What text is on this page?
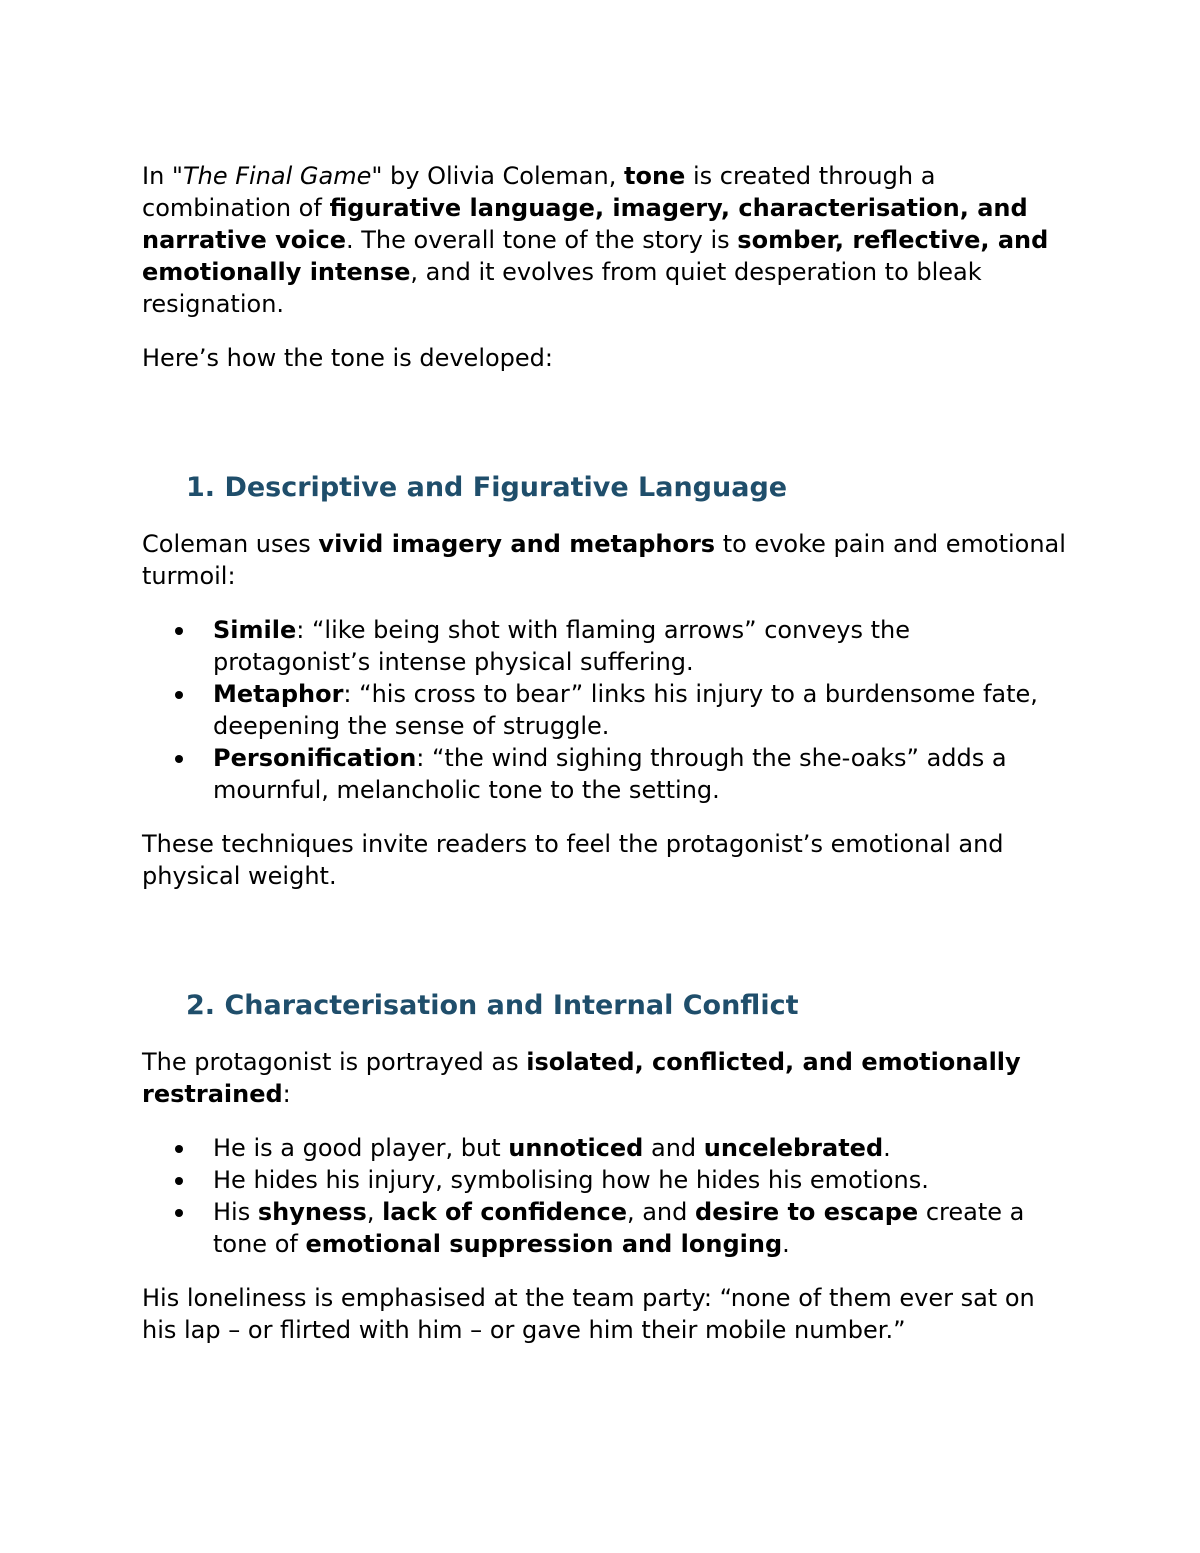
In "The Final Game" by Olivia Coleman, tone is created through a combination of figurative language, imagery, characterisation, and narrative voice. The overall tone of the story is somber, reflective, and emotionally intense, and it evolves from quiet desperation to bleak resignation.

Here’s how the tone is developed:

1. Descriptive and Figurative Language

Coleman uses vivid imagery and metaphors to evoke pain and emotional turmoil:

Simile: “like being shot with flaming arrows” conveys the protagonist’s intense physical suffering.
Metaphor: “his cross to bear” links his injury to a burdensome fate, deepening the sense of struggle.
Personification: “the wind sighing through the she-oaks” adds a mournful, melancholic tone to the setting.

These techniques invite readers to feel the protagonist’s emotional and physical weight.

2. Characterisation and Internal Conflict

The protagonist is portrayed as isolated, conflicted, and emotionally restrained:

He is a good player, but unnoticed and uncelebrated.
He hides his injury, symbolising how he hides his emotions.
His shyness, lack of confidence, and desire to escape create a tone of emotional suppression and longing.

His loneliness is emphasised at the team party: “none of them ever sat on his lap – or flirted with him – or gave him their mobile number.”
